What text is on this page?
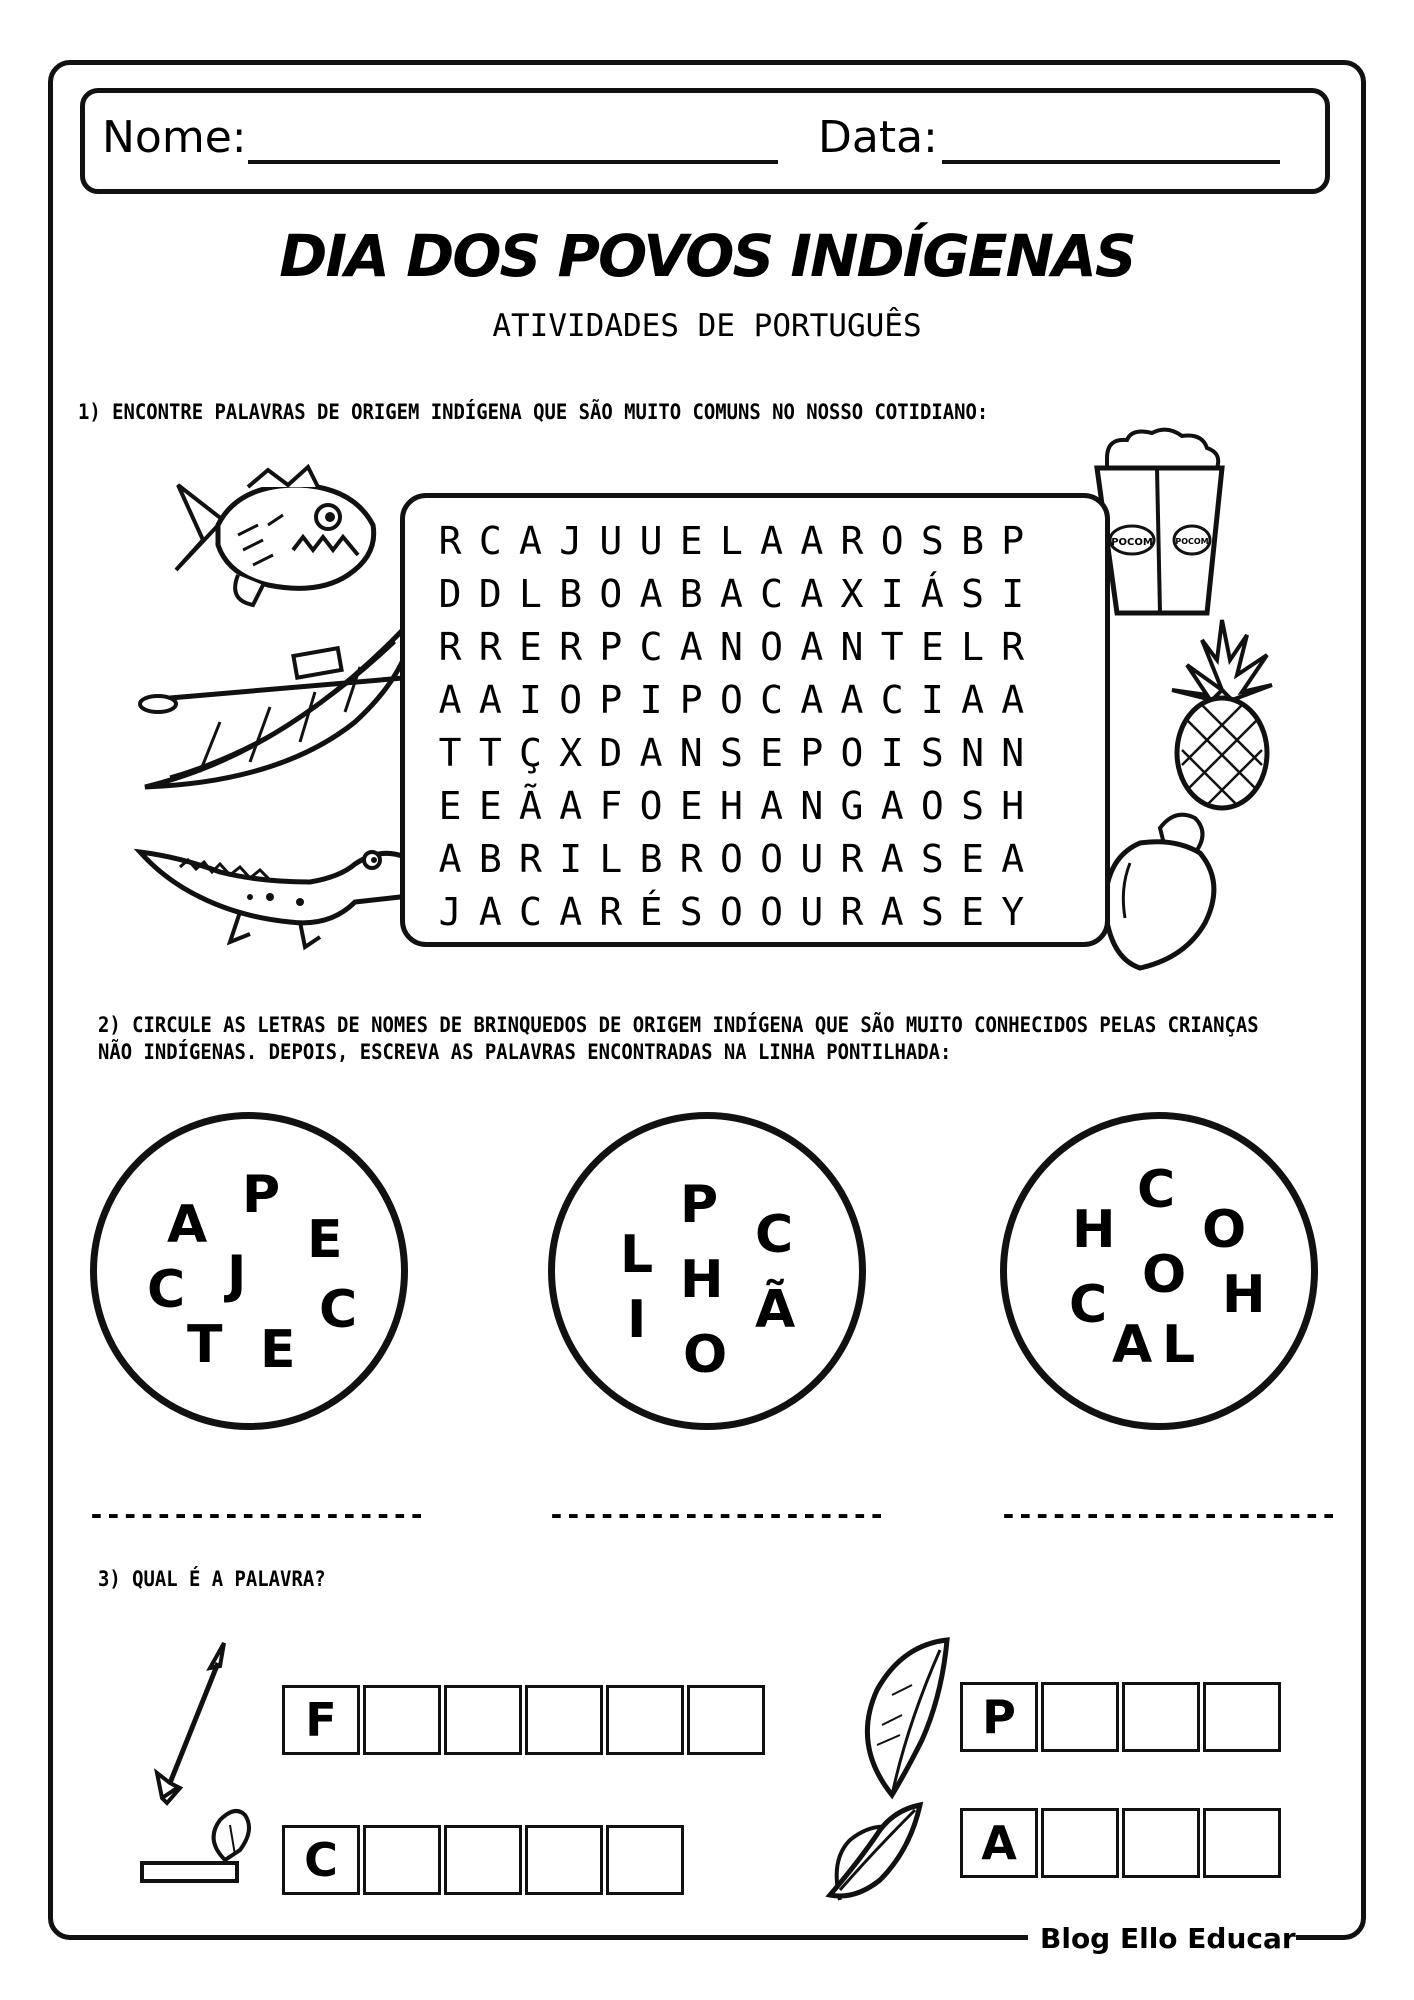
Blog Ello Educar
Nome:	Data:
DIA DOS POVOS INDÍGENAS
ATIVIDADES DE PORTUGUÊS
1) ENCONTRE PALAVRAS DE ORIGEM INDÍGENA QUE SÃO MUITO COMUNS NO NOSSO COTIDIANO:
POCOM	POCOM
R C A J U U E L A A R O S B P
D D L B O A B A C A X I Á S I
R R E R P C A N O A N T E L R
A A I O P I P O C A A C I A A
T T Ç X D A N S E P O I S N N
E E Ã A F O E H A N G A O S H
A B R I L B R O O U R A S E A
J A C A R É S O O U R A S E Y
2) CIRCULE AS LETRAS DE NOMES DE BRINQUEDOS DE ORIGEM INDÍGENA QUE SÃO MUITO CONHECIDOS PELAS CRIANÇAS
NÃO INDÍGENAS. DEPOIS, ESCREVA AS PALAVRAS ENCONTRADAS NA LINHA PONTILHADA:
A P
E
C J
C
T E
P
L C
H
I Ã
O
C
H O
O
C H
A L
--------------------	--------------------	--------------------
3) QUAL É A PALAVRA?
F
C
P
A
